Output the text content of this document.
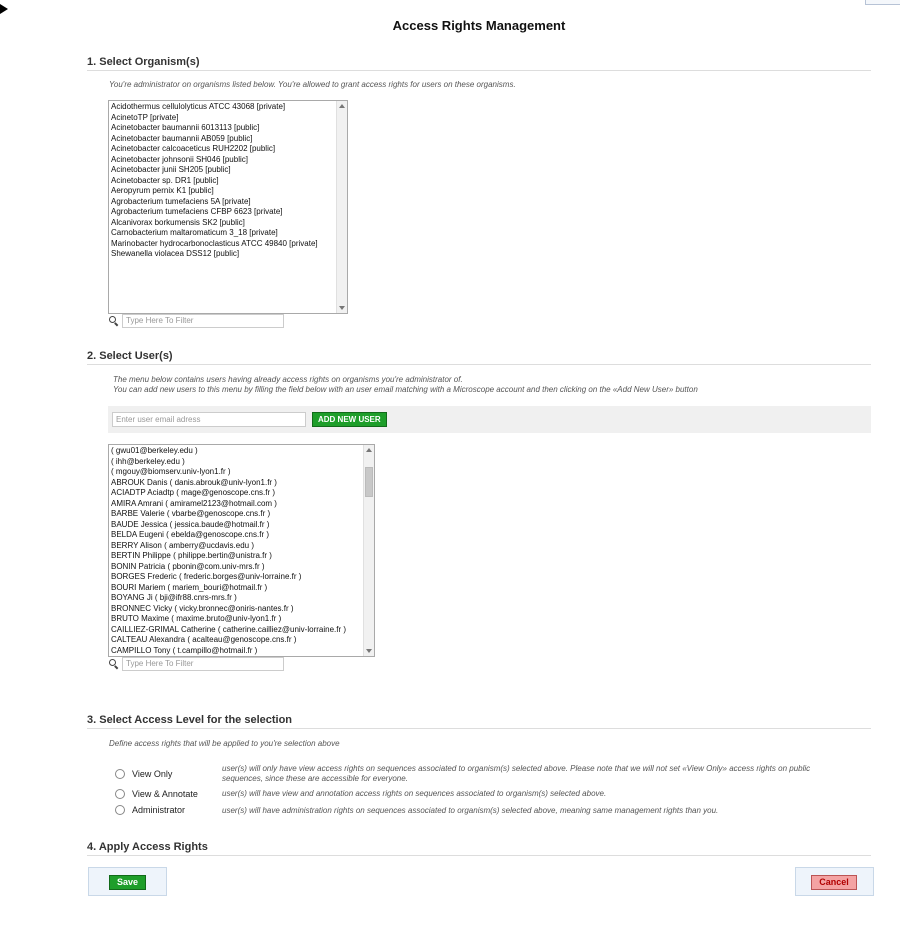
Access Rights Management
1. Select Organism(s)
You're administrator on organisms listed below. You're allowed to grant access rights for users on these organisms.
Acidothermus cellulolyticus ATCC 43068 [private]
AcinetoTP [private]
Acinetobacter baumannii 6013113 [public]
Acinetobacter baumannii AB059 [public]
Acinetobacter calcoaceticus RUH2202 [public]
Acinetobacter johnsonii SH046 [public]
Acinetobacter junii SH205 [public]
Acinetobacter sp. DR1 [public]
Aeropyrum pernix K1 [public]
Agrobacterium tumefaciens 5A [private]
Agrobacterium tumefaciens CFBP 6623 [private]
Alcanivorax borkumensis SK2 [public]
Carnobacterium maltaromaticum 3_18 [private]
Marinobacter hydrocarbonoclasticus ATCC 49840 [private]
Shewanella violacea DSS12 [public]
Type Here To Filter
2. Select User(s)
The menu below contains users having already access rights on organisms you're administrator of.
You can add new users to this menu by filling the field below with an user email matching with a Microscope account and then clicking on the «Add New User» button
Enter user email adress
ADD NEW USER
( gwu01@berkeley.edu )
( ihh@berkeley.edu )
( mgouy@biomserv.univ-lyon1.fr )
ABROUK Danis ( danis.abrouk@univ-lyon1.fr )
ACIADTP Aciadtp ( mage@genoscope.cns.fr )
AMIRA Amrani ( amiramel2123@hotmail.com )
BARBE Valerie ( vbarbe@genoscope.cns.fr )
BAUDE Jessica ( jessica.baude@hotmail.fr )
BELDA Eugeni ( ebelda@genoscope.cns.fr )
BERRY Alison ( amberry@ucdavis.edu )
BERTIN Philippe ( philippe.bertin@unistra.fr )
BONIN Patricia ( pbonin@com.univ-mrs.fr )
BORGES Frederic ( frederic.borges@univ-lorraine.fr )
BOURI Mariem ( mariem_bouri@hotmail.fr )
BOYANG Ji ( bji@ifr88.cnrs-mrs.fr )
BRONNEC Vicky ( vicky.bronnec@oniris-nantes.fr )
BRUTO Maxime ( maxime.bruto@univ-lyon1.fr )
CAILLIEZ-GRIMAL Catherine ( catherine.cailliez@univ-lorraine.fr )
CALTEAU Alexandra ( acalteau@genoscope.cns.fr )
CAMPILLO Tony ( t.campillo@hotmail.fr )
Type Here To Filter
3. Select Access Level for the selection
Define access rights that will be applied to you're selection above
View Only
user(s) will only have view access rights on sequences associated to organism(s) selected above. Please note that we will not set «View Only» access rights on public sequences, since these are accessible for everyone.
View & Annotate	user(s) will have view and annotation access rights on sequences associated to organism(s) selected above.
Administrator	user(s) will have administration rights on sequences associated to organism(s) selected above, meaning same management rights than you.
4. Apply Access Rights
Save	Cancel
